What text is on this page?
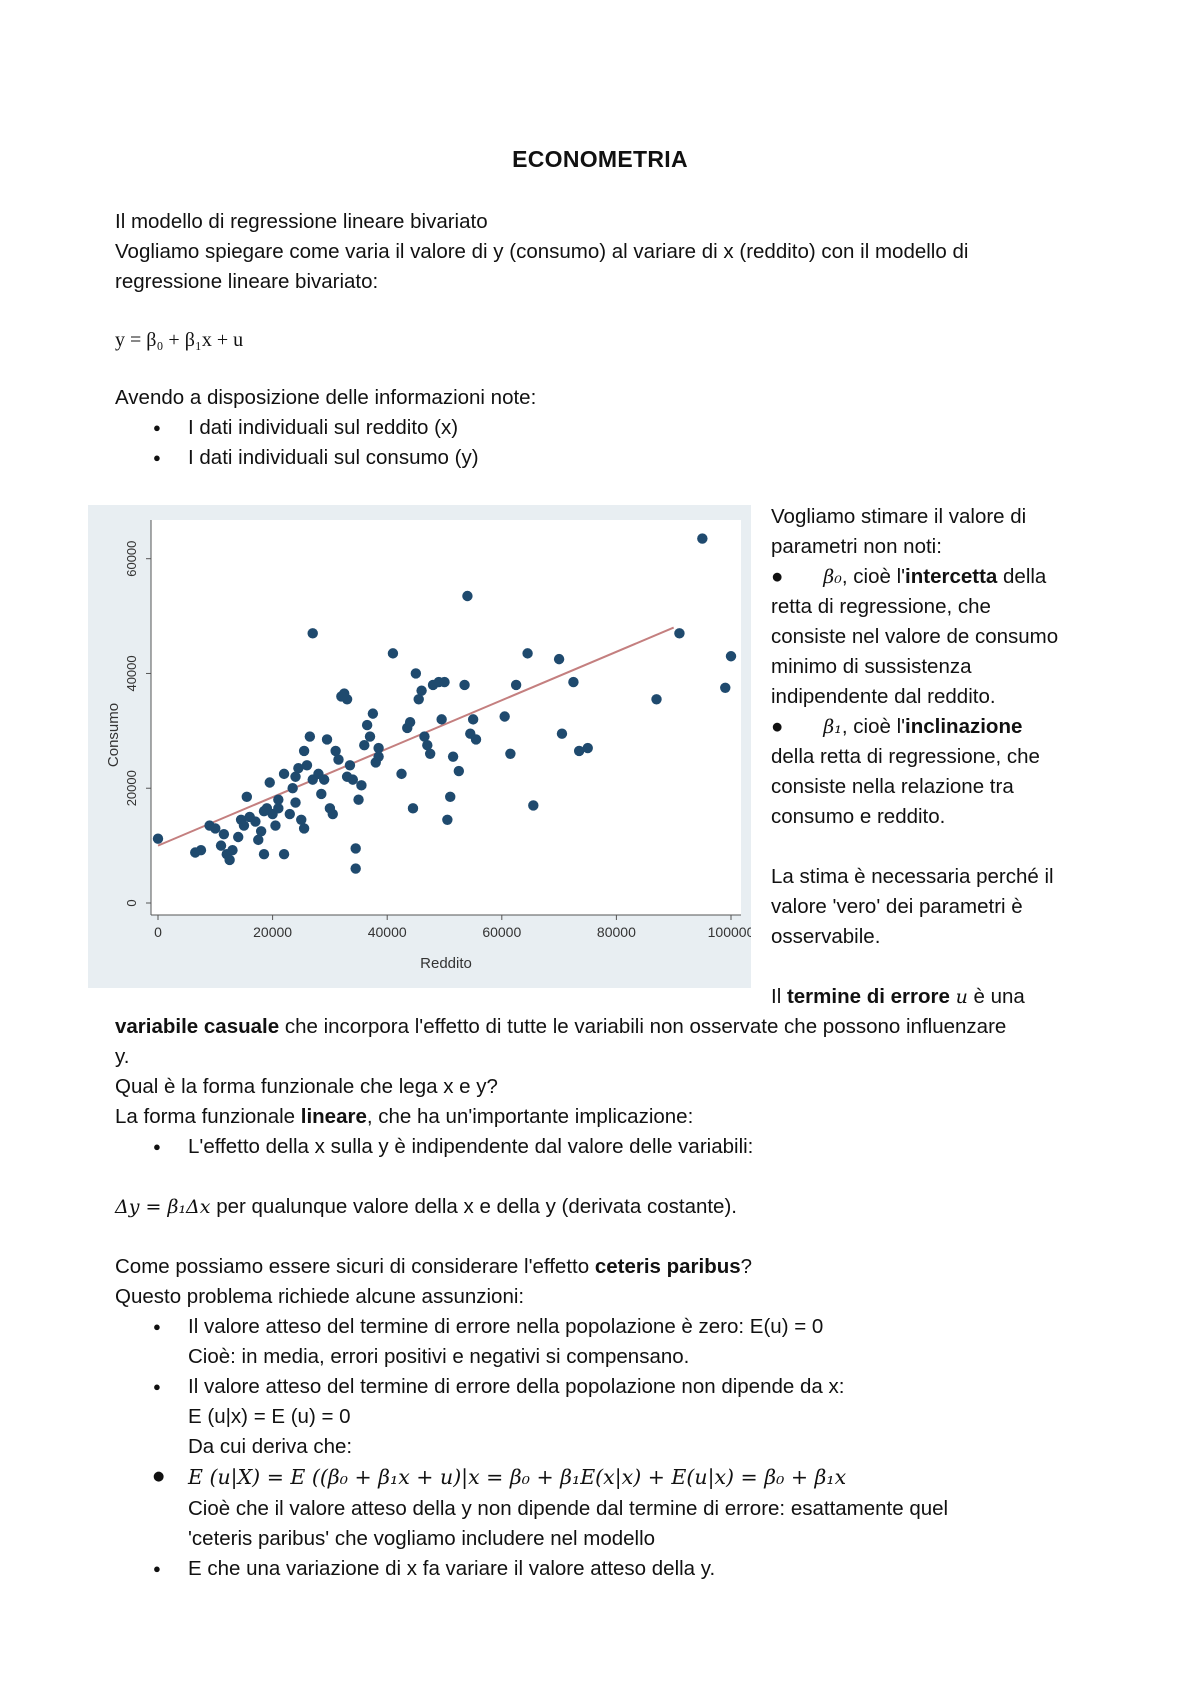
ECONOMETRIA
Il modello di regressione lineare bivariato
Vogliamo spiegare come varia il valore di y (consumo) al variare di x (reddito) con il modello di
regressione lineare bivariato:
y = β₀ + β₁x + u
Avendo a disposizione delle informazioni note:
● I dati individuali sul reddito (x)
● I dati individuali sul consumo (y)
0
20000
40000
60000
0	20000	40000	60000	80000	100000
Reddito
Consumo
Vogliamo stimare il valore di
parametri non noti:
● β₀, cioè l'intercetta della
retta di regressione, che
consiste nel valore de consumo
minimo di sussistenza
indipendente dal reddito.
● β₁, cioè l'inclinazione
della retta di regressione, che
consiste nella relazione tra
consumo e reddito.
La stima è necessaria perché il
valore 'vero' dei parametri è
osservabile.
Il termine di errore u è una
variabile casuale che incorpora l'effetto di tutte le variabili non osservate che possono influenzare
y.
Qual è la forma funzionale che lega x e y?
La forma funzionale lineare, che ha un'importante implicazione:
● L'effetto della x sulla y è indipendente dal valore delle variabili:
Δy = β₁Δx per qualunque valore della x e della y (derivata costante).
Come possiamo essere sicuri di considerare l'effetto ceteris paribus?
Questo problema richiede alcune assunzioni:
● Il valore atteso del termine di errore nella popolazione è zero: E(u) = 0
Cioè: in media, errori positivi e negativi si compensano.
● Il valore atteso del termine di errore della popolazione non dipende da x:
E (u|x) = E (u) = 0
Da cui deriva che:
● E (u|X) = E ((β₀ + β₁x + u)|x = β₀ + β₁E(x|x) + E(u|x) = β₀ + β₁x
Cioè che il valore atteso della y non dipende dal termine di errore: esattamente quel
'ceteris paribus' che vogliamo includere nel modello
● E che una variazione di x fa variare il valore atteso della y.
